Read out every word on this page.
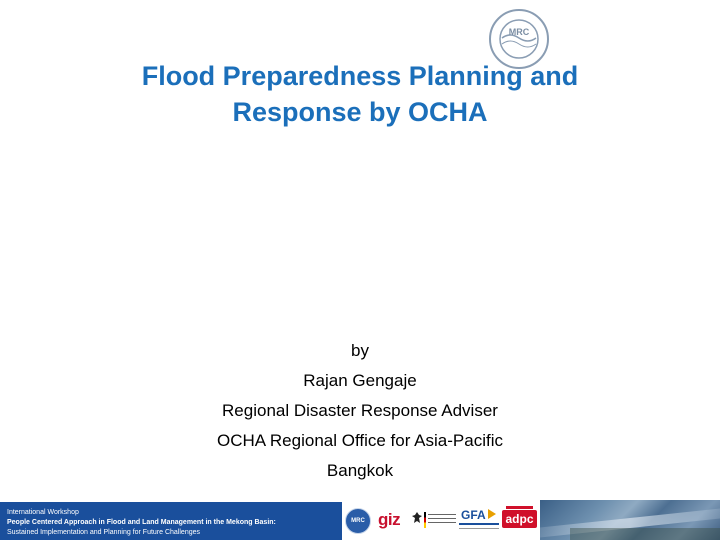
MRC
Flood Preparedness Planning and
Response by OCHA
by
Rajan Gengaje
Regional Disaster Response Adviser
OCHA Regional Office for Asia-Pacific
Bangkok
International Workshop
People Centered Approach in Flood and Land Management in the Mekong Basin:
Sustained Implementation and Planning for Future Challenges
MRC giz	GFA adpc
